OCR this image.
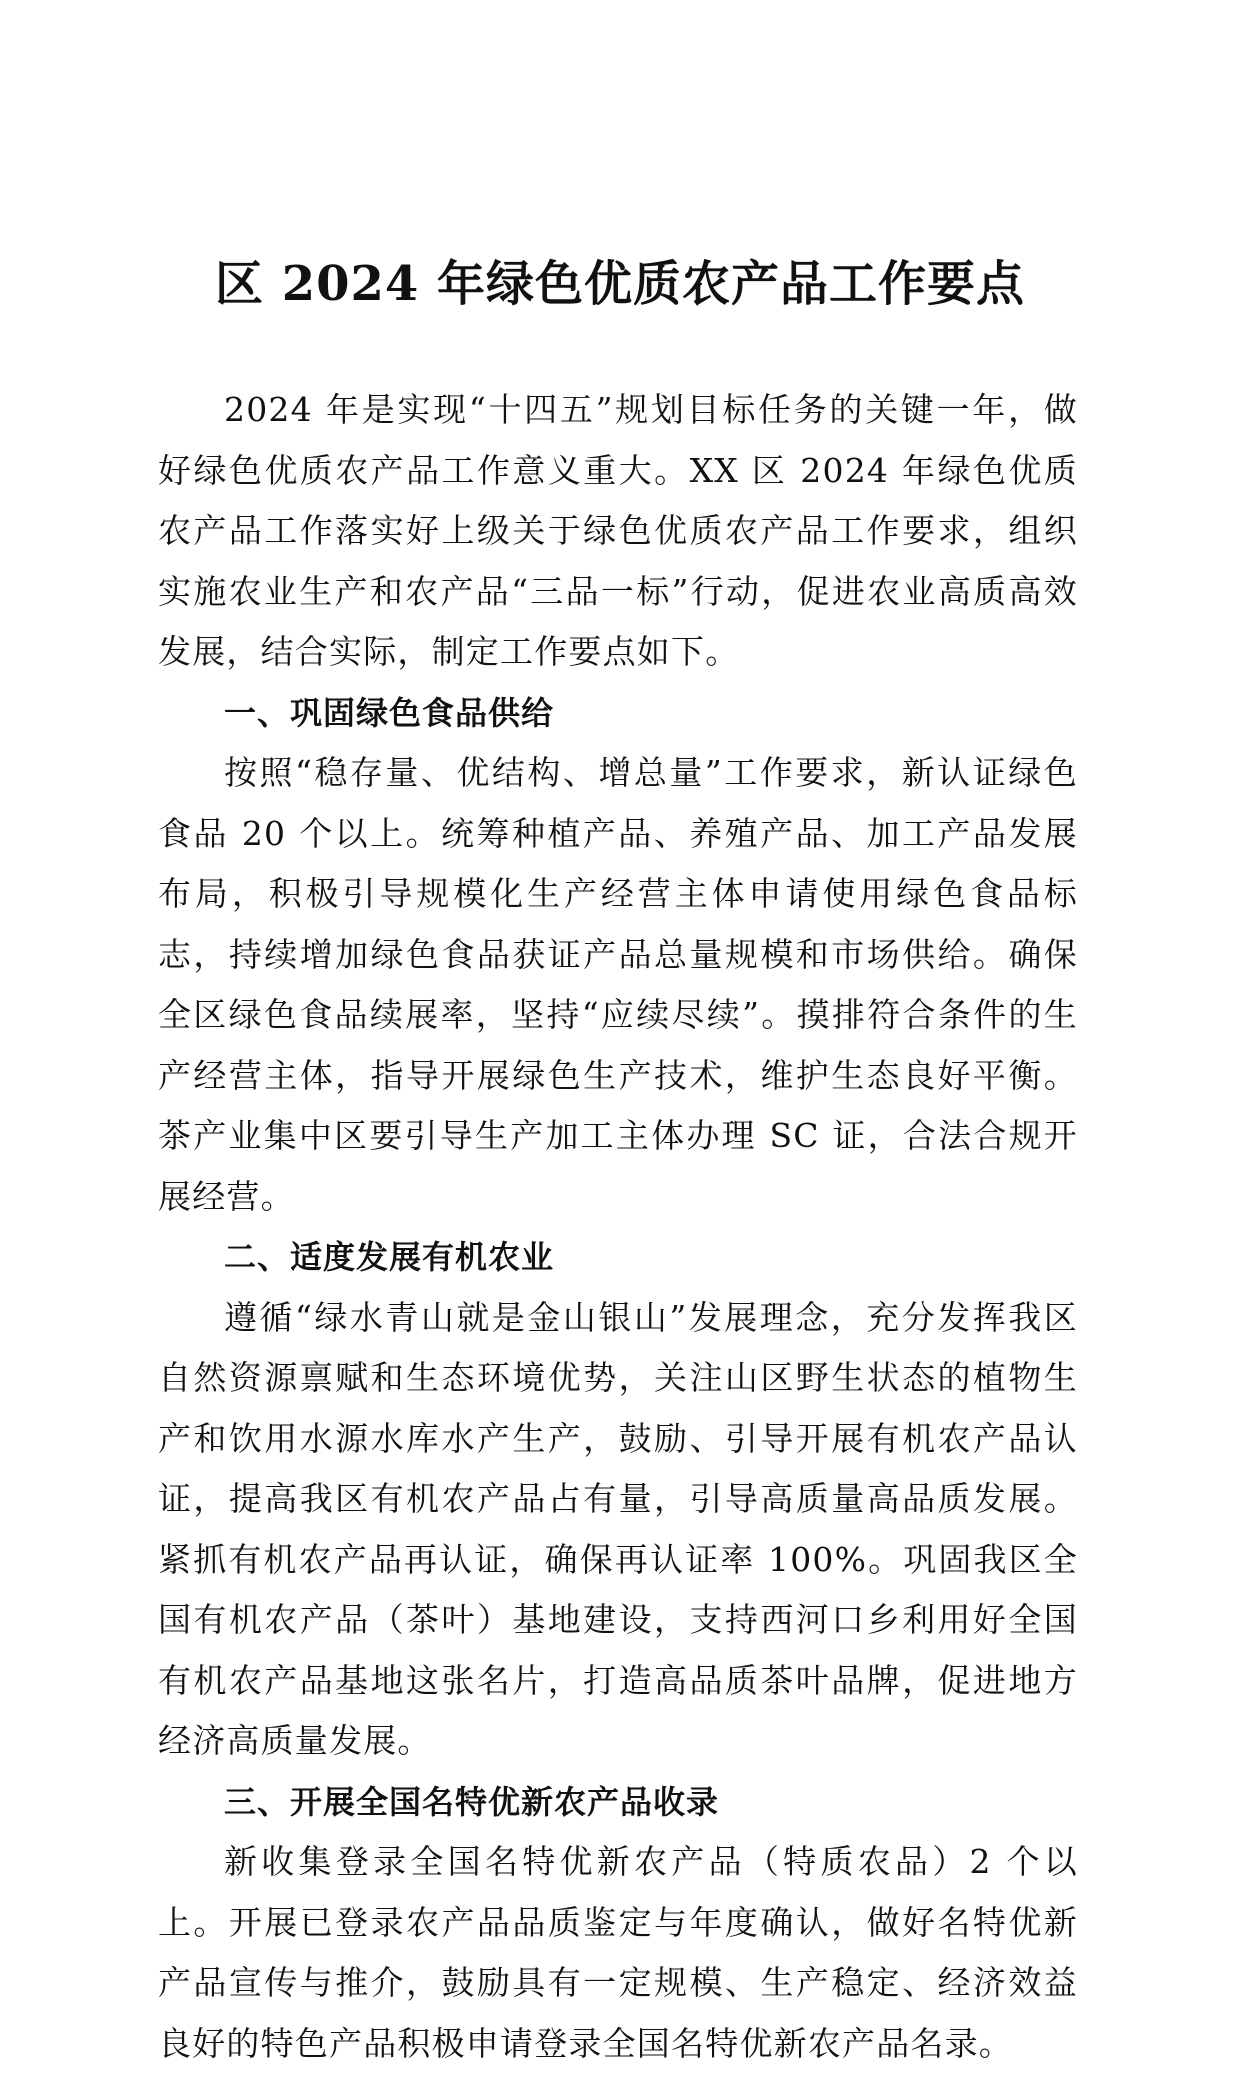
区 2024 年绿色优质农产品工作要点

2024 年是实现“十四五”规划目标任务的关键一年，做好绿色优质农产品工作意义重大。XX 区 2024 年绿色优质农产品工作落实好上级关于绿色优质农产品工作要求，组织实施农业生产和农产品“三品一标”行动，促进农业高质高效发展，结合实际，制定工作要点如下。

一、巩固绿色食品供给

按照“稳存量、优结构、增总量”工作要求，新认证绿色食品 20 个以上。统筹种植产品、养殖产品、加工产品发展布局，积极引导规模化生产经营主体申请使用绿色食品标志，持续增加绿色食品获证产品总量规模和市场供给。确保全区绿色食品续展率，坚持“应续尽续”。摸排符合条件的生产经营主体，指导开展绿色生产技术，维护生态良好平衡。茶产业集中区要引导生产加工主体办理 SC 证，合法合规开展经营。

二、适度发展有机农业

遵循“绿水青山就是金山银山”发展理念，充分发挥我区自然资源禀赋和生态环境优势，关注山区野生状态的植物生产和饮用水源水库水产生产，鼓励、引导开展有机农产品认证，提高我区有机农产品占有量，引导高质量高品质发展。紧抓有机农产品再认证，确保再认证率 100%。巩固我区全国有机农产品（茶叶）基地建设，支持西河口乡利用好全国有机农产品基地这张名片，打造高品质茶叶品牌，促进地方经济高质量发展。

三、开展全国名特优新农产品收录

新收集登录全国名特优新农产品（特质农品）2 个以上。开展已登录农产品品质鉴定与年度确认，做好名特优新产品宣传与推介，鼓励具有一定规模、生产稳定、经济效益良好的特色产品积极申请登录全国名特优新农产品名录。
